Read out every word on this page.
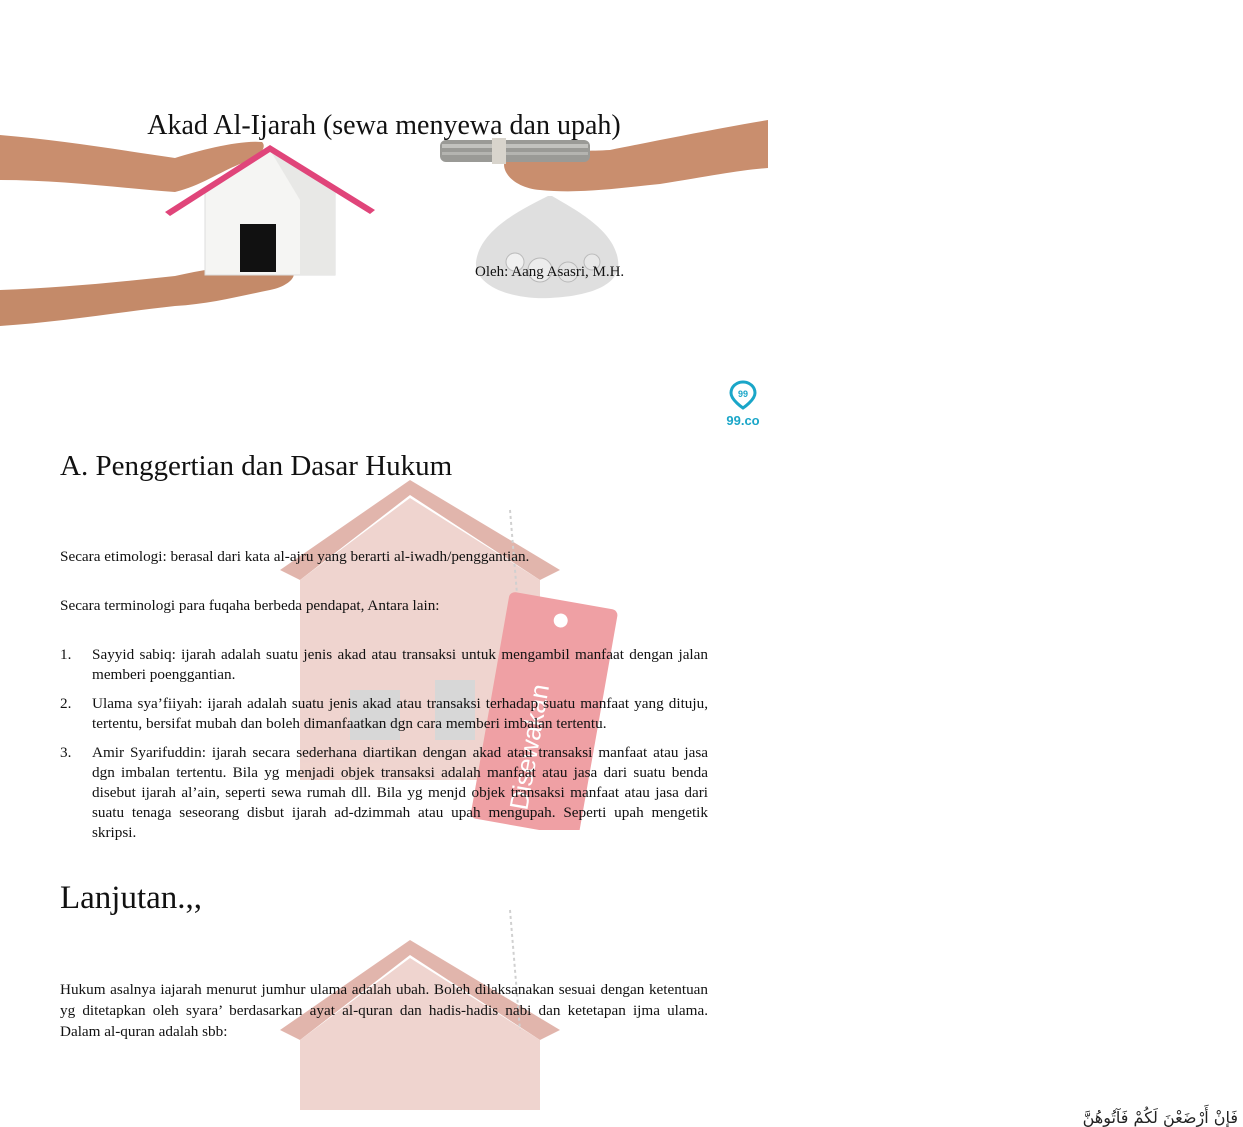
Akad Al-Ijarah (sewa menyewa dan upah)
Oleh: Aang Asasri, M.H.
99
99.co
Disewakan
A. Penggertian dan Dasar Hukum
Secara etimologi: berasal dari kata al-ajru yang berarti al-iwadh/penggantian.
Secara terminologi para fuqaha berbeda pendapat, Antara lain:
1. Sayyid sabiq: ijarah adalah suatu jenis akad atau transaksi untuk mengambil manfaat dengan jalan memberi poenggantian.
2. Ulama sya’fiiyah: ijarah adalah suatu jenis akad atau transaksi terhadap suatu manfaat yang dituju, tertentu, bersifat mubah dan boleh dimanfaatkan dgn cara memberi imbalan tertentu.
3. Amir Syarifuddin: ijarah secara sederhana diartikan dengan akad atau transaksi manfaat atau jasa dgn imbalan tertentu. Bila yg menjadi objek transaksi adalah manfaat atau jasa dari suatu benda disebut ijarah al’ain, seperti sewa rumah dll. Bila yg menjd objek transaksi manfaat atau jasa dari suatu tenaga seseorang disbut ijarah ad-dzimmah atau upah mengupah. Seperti upah mengetik skripsi.
Lanjutan.,,
Hukum asalnya iajarah menurut jumhur ulama adalah ubah. Boleh dilaksanakan sesuai dengan ketentuan yg ditetapkan oleh syara’ berdasarkan ayat al-quran dan hadis-hadis nabi dan ketetapan ijma ulama. Dalam al-quran adalah sbb:
فَإِنْ أَرْضَعْنَ لَكُمْ فَآتُوهُنَّ
